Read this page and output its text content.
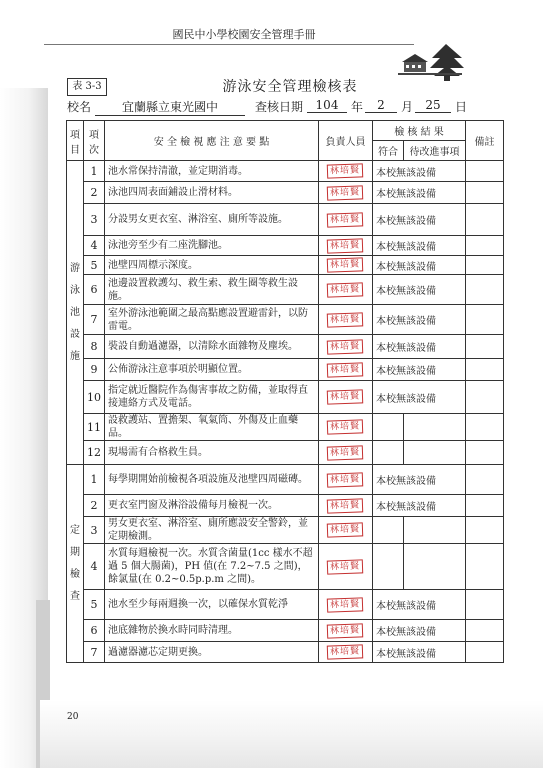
國民中小學校園安全管理手冊
表 3-3	游泳安全管理檢核表
校名	宜蘭縣立東光國中	查核日期	104	年	2	月	25	日
項目	項次	安 全 檢 視 應 注 意 要 點	負責人員	檢 核 結 果		備註
				符合	待改進事項	

游
泳
池
設
施	1	池水常保持清澈，並定期消毒。	林培賢	本校無該設備		
	2	泳池四周表面鋪設止滑材料。	林培賢	本校無該設備		
	3	分設男女更衣室、淋浴室、廁所等設施。	林培賢	本校無該設備		
	4	泳池旁至少有二座洗腳池。	林培賢	本校無該設備		
	5	池壁四周標示深度。	林培賢	本校無該設備		
	6	池邊設置救護勾、救生索、救生圈等救生設施。	林培賢	本校無該設備		
	7	室外游泳池範圍之最高點應設置避雷針，以防雷電。	林培賢	本校無該設備		
	8	裝設自動過濾器，以清除水面雜物及塵埃。	林培賢	本校無該設備		
	9	公佈游泳注意事項於明顯位置。	林培賢	本校無該設備		
	10	指定就近醫院作為傷害事故之防備，並取得直接連絡方式及電話。	林培賢	本校無該設備		
	11	設救護站、置擔架、氧氣筒、外傷及止血藥品。	林培賢			
	12	現場需有合格救生員。	林培賢			

定
期
檢
查	1	每學期開始前檢視各項設施及池壁四周磁磚。	林培賢	本校無該設備		
	2	更衣室門窗及淋浴設備每月檢視一次。	林培賢	本校無該設備		
	3	男女更衣室、淋浴室、廁所應設安全警鈴，並定期檢測。	林培賢			
	4	水質每週檢視一次。水質含菌量(1cc 樣水不超過 5 個大腸菌)，PH 值(在 7.2~7.5 之間)， 餘氯量(在 0.2~0.5p.p.m 之間)。	林培賢			
	5	池水至少每兩週換一次，以確保水質乾淨	林培賢	本校無該設備		
	6	池底雜物於換水時同時清理。	林培賢	本校無該設備		
	7	過濾器濾芯定期更換。	林培賢	本校無該設備		
20
